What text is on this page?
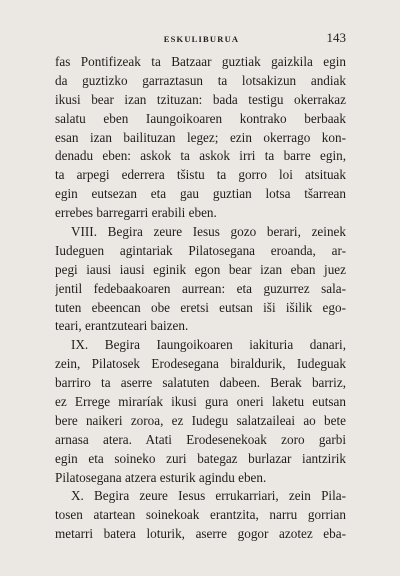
ESKULIBURUA	143
fas Pontifizeak ta Batzaar guztiak gaizkila egin
da guztizko garraztasun ta lotsakizun andiak
ikusi bear izan tzituzan: bada testigu okerrakaz
salatu eben Iaungoikoaren kontrako berbaak
esan izan bailituzan legez; ezin okerrago kon-
denadu eben: askok ta askok irri ta barre egin,
ta arpegi ederrera tšistu ta gorro loi atsituak
egin eutsezan eta gau guztian lotsa tšarrean
errebes barregarri erabili eben.
VIII. Begira zeure Iesus gozo berari, zeinek
Iudeguen agintariak Pilatosegana eroanda, ar-
pegi iausi iausi eginik egon bear izan eban juez
jentil fedebaakoaren aurrean: eta guzurrez sala-
tuten ebeencan obe eretsi eutsan iši išilik ego-
teari, erantzuteari baizen.
IX. Begira Iaungoikoaren iakituria danari,
zein, Pilatosek Erodesegana biraldurik, Iudeguak
barriro ta aserre salatuten dabeen. Berak barriz,
ez Errege miraríak ikusi gura oneri laketu eutsan
bere naikeri zoroa, ez Iudegu salatzaileai ao bete
arnasa atera. Atati Erodesenekoak zoro garbi
egin eta soineko zuri bategaz burlazar iantzirik
Pilatosegana atzera esturik agindu eben.
X. Begira zeure Iesus errukarriari, zein Pila-
tosen atartean soinekoak erantzita, narru gorrian
metarri batera loturik, aserre gogor azotez eba-
